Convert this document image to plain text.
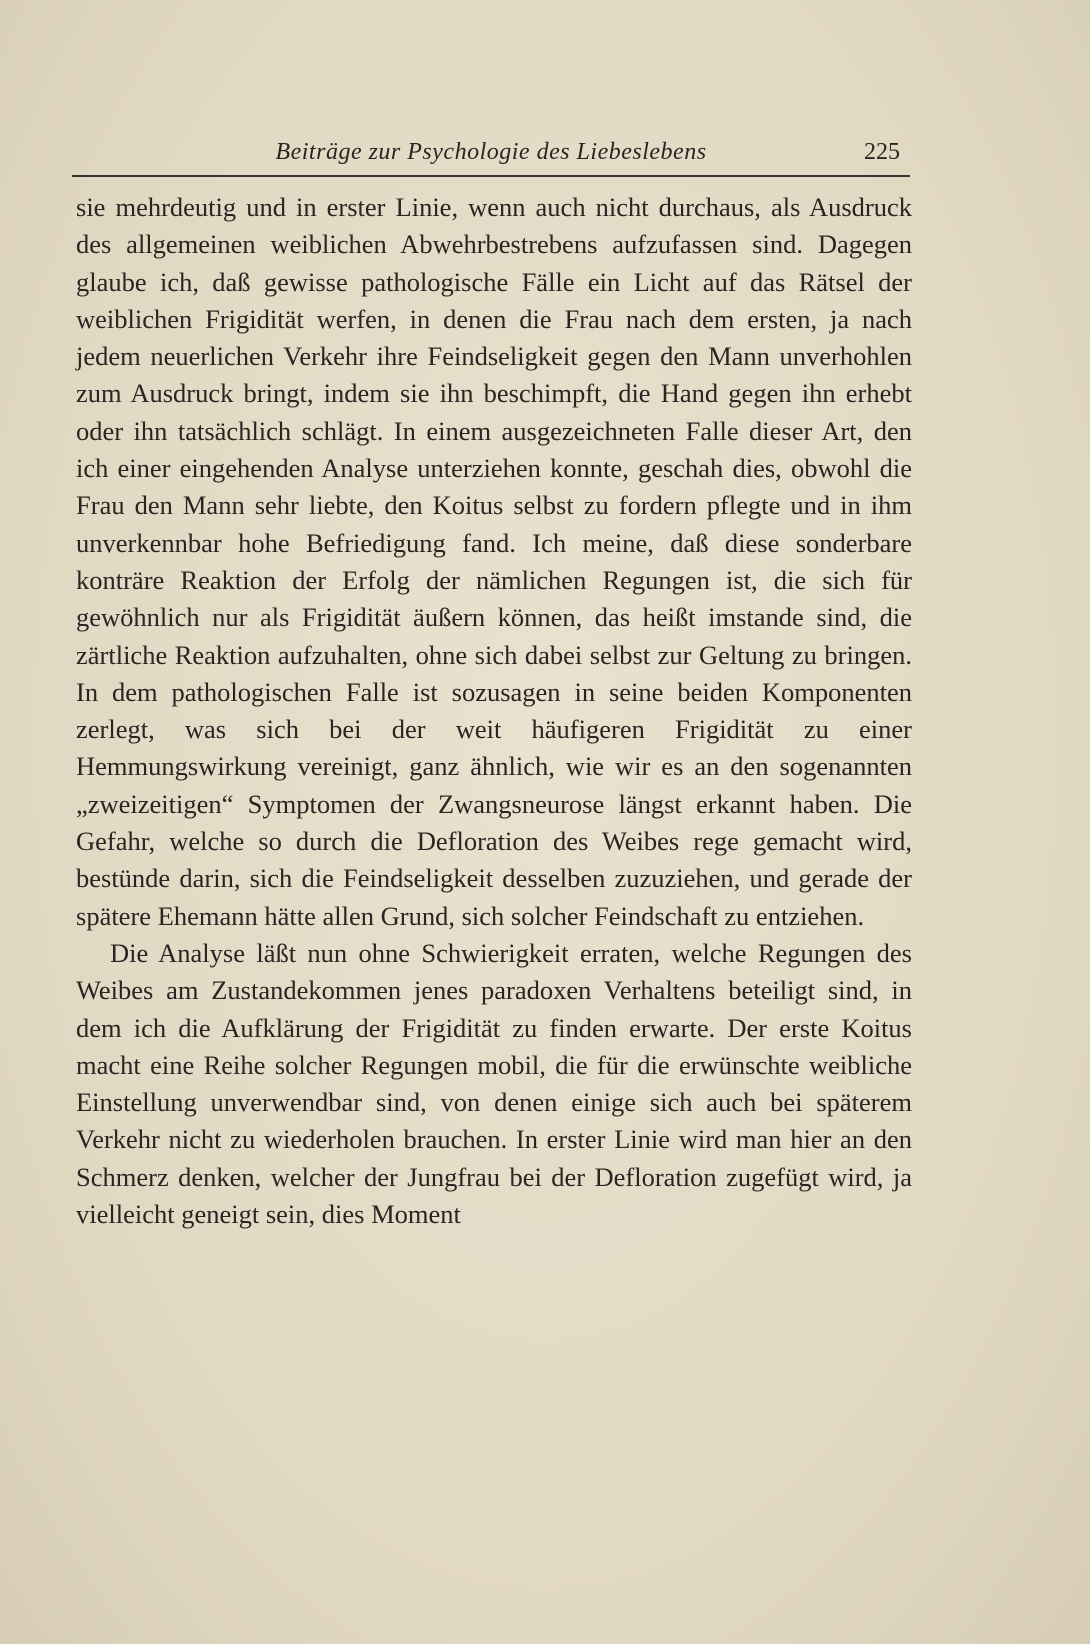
Beiträge zur Psychologie des Liebeslebens	225

sie mehrdeutig und in erster Linie, wenn auch nicht durchaus, als Ausdruck des allgemeinen weiblichen Abwehrbestrebens aufzufassen sind. Dagegen glaube ich, daß gewisse pathologische Fälle ein Licht auf das Rätsel der weiblichen Frigidität werfen, in denen die Frau nach dem ersten, ja nach jedem neuerlichen Verkehr ihre Feindseligkeit gegen den Mann unverhohlen zum Ausdruck bringt, indem sie ihn beschimpft, die Hand gegen ihn erhebt oder ihn tatsächlich schlägt. In einem ausgezeichneten Falle dieser Art, den ich einer eingehenden Analyse unterziehen konnte, geschah dies, obwohl die Frau den Mann sehr liebte, den Koitus selbst zu fordern pflegte und in ihm unverkennbar hohe Befriedigung fand. Ich meine, daß diese sonderbare konträre Reaktion der Erfolg der nämlichen Regungen ist, die sich für gewöhnlich nur als Frigidität äußern können, das heißt imstande sind, die zärtliche Reaktion aufzuhalten, ohne sich dabei selbst zur Geltung zu bringen. In dem pathologischen Falle ist sozusagen in seine beiden Komponenten zerlegt, was sich bei der weit häufigeren Frigidität zu einer Hemmungswirkung vereinigt, ganz ähnlich, wie wir es an den sogenannten „zweizeitigen“ Symptomen der Zwangsneurose längst erkannt haben. Die Gefahr, welche so durch die Defloration des Weibes rege gemacht wird, bestünde darin, sich die Feindseligkeit desselben zuzuziehen, und gerade der spätere Ehemann hätte allen Grund, sich solcher Feindschaft zu entziehen.

Die Analyse läßt nun ohne Schwierigkeit erraten, welche Regungen des Weibes am Zustandekommen jenes paradoxen Verhaltens beteiligt sind, in dem ich die Aufklärung der Frigidität zu finden erwarte. Der erste Koitus macht eine Reihe solcher Regungen mobil, die für die erwünschte weibliche Einstellung unverwendbar sind, von denen einige sich auch bei späterem Verkehr nicht zu wiederholen brauchen. In erster Linie wird man hier an den Schmerz denken, welcher der Jungfrau bei der Defloration zugefügt wird, ja vielleicht geneigt sein, dies Moment
